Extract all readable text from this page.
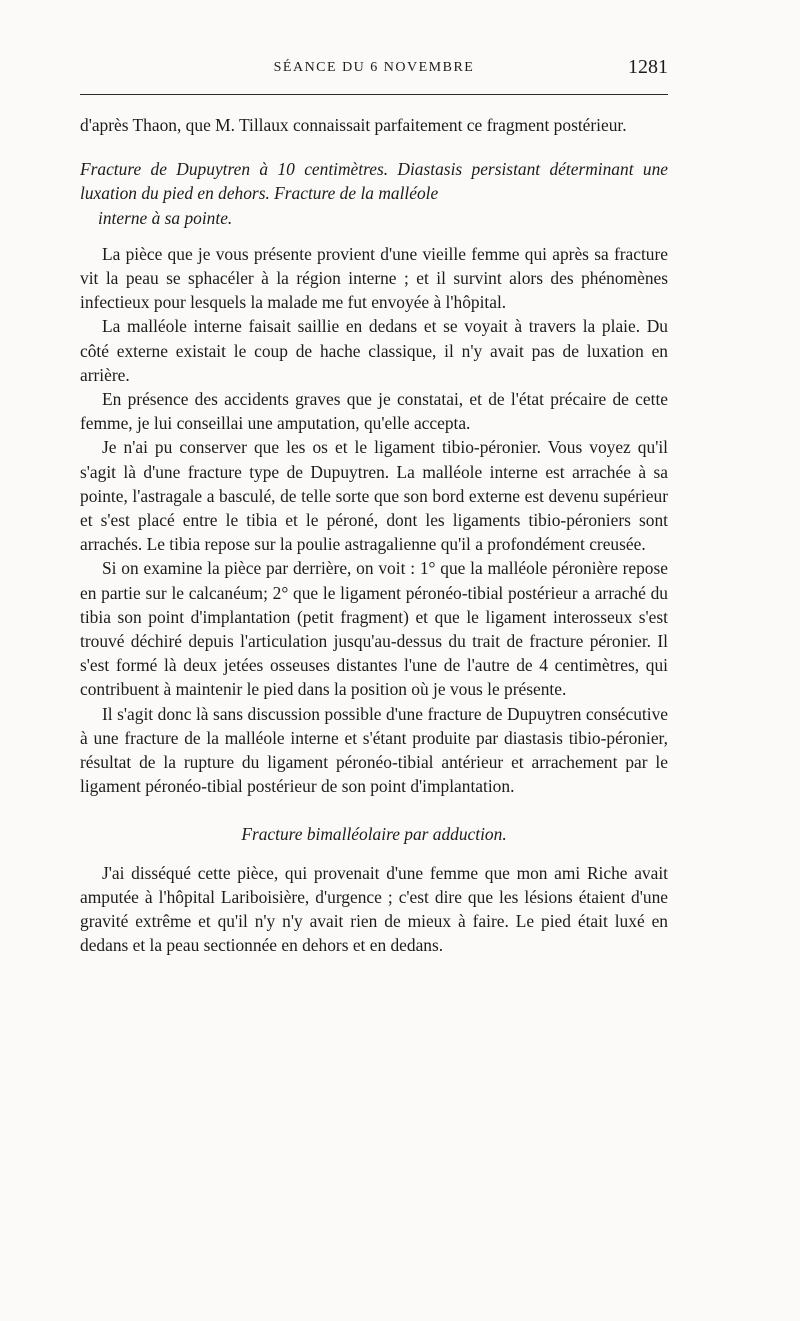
SÉANCE DU 6 NOVEMBRE	1281

d'après Thaon, que M. Tillaux connaissait parfaitement ce fragment postérieur.

Fracture de Dupuytren à 10 centimètres. Diastasis persistant déterminant une luxation du pied en dehors. Fracture de la malléole
interne à sa pointe.

La pièce que je vous présente provient d'une vieille femme qui après sa fracture vit la peau se sphacéler à la région interne ; et il survint alors des phénomènes infectieux pour lesquels la malade me fut envoyée à l'hôpital.

La malléole interne faisait saillie en dedans et se voyait à travers la plaie. Du côté externe existait le coup de hache classique, il n'y avait pas de luxation en arrière.

En présence des accidents graves que je constatai, et de l'état précaire de cette femme, je lui conseillai une amputation, qu'elle accepta.

Je n'ai pu conserver que les os et le ligament tibio-péronier. Vous voyez qu'il s'agit là d'une fracture type de Dupuytren. La malléole interne est arrachée à sa pointe, l'astragale a basculé, de telle sorte que son bord externe est devenu supérieur et s'est placé entre le tibia et le péroné, dont les ligaments tibio-péroniers sont arrachés. Le tibia repose sur la poulie astragalienne qu'il a profondément creusée.

Si on examine la pièce par derrière, on voit : 1° que la malléole péronière repose en partie sur le calcanéum; 2° que le ligament péronéo-tibial postérieur a arraché du tibia son point d'implantation (petit fragment) et que le ligament interosseux s'est trouvé déchiré depuis l'articulation jusqu'au-dessus du trait de fracture péronier. Il s'est formé là deux jetées osseuses distantes l'une de l'autre de 4 centimètres, qui contribuent à maintenir le pied dans la position où je vous le présente.

Il s'agit donc là sans discussion possible d'une fracture de Dupuytren consécutive à une fracture de la malléole interne et s'étant produite par diastasis tibio-péronier, résultat de la rupture du ligament péronéo-tibial antérieur et arrachement par le ligament péronéo-tibial postérieur de son point d'implantation.

Fracture bimalléolaire par adduction.

J'ai disséqué cette pièce, qui provenait d'une femme que mon ami Riche avait amputée à l'hôpital Lariboisière, d'urgence ; c'est dire que les lésions étaient d'une gravité extrême et qu'il n'y n'y avait rien de mieux à faire. Le pied était luxé en dedans et la peau sectionnée en dehors et en dedans.
